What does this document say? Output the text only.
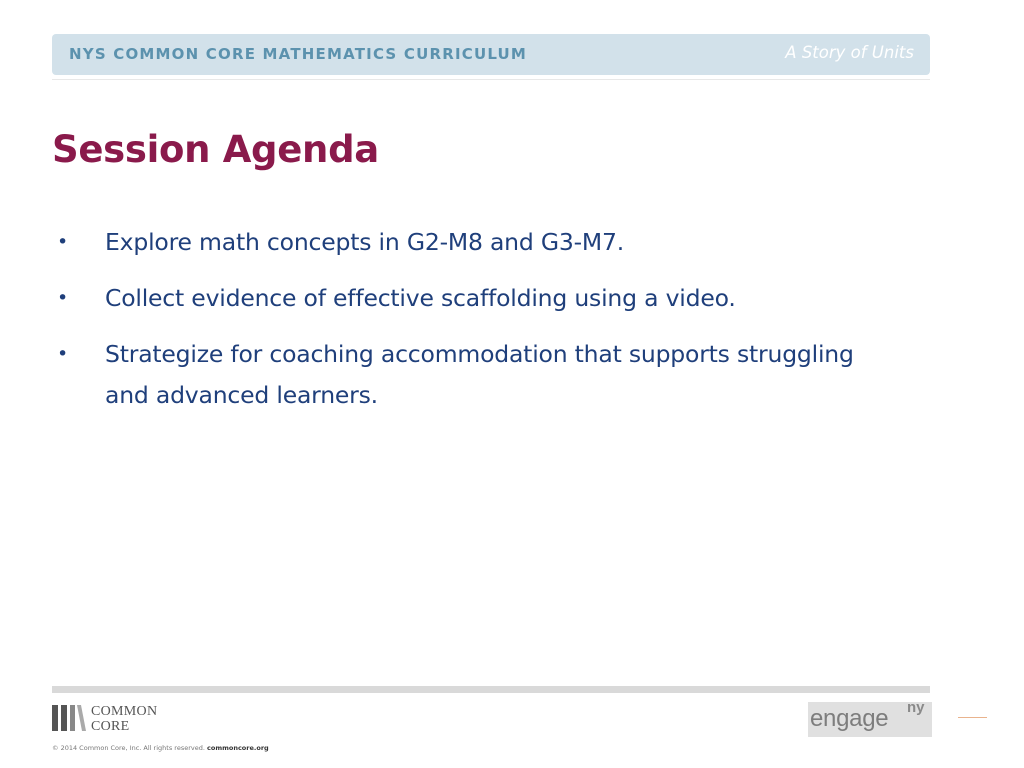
NYS COMMON CORE MATHEMATICS CURRICULUM	A Story of Units
Session Agenda
• Explore math concepts in G2-M8 and G3-M7.
• Collect evidence of effective scaffolding using a video.
• Strategize for coaching accommodation that supports struggling and advanced learners.
COMMON
CORE
© 2014 Common Core, Inc. All rights reserved. commoncore.org
engage ny
